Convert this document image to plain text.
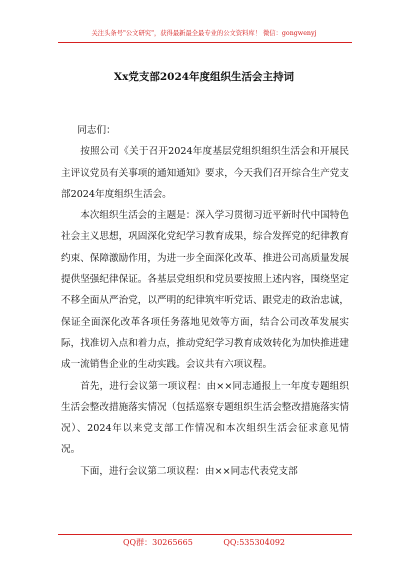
关注头条号"公文研究"，获得最新最全最专业的公文资料库！ 微信：gongwenyj
Xx党支部2024年度组织生活会主持词

同志们：

按照公司《关于召开2024年度基层党组织组织生活会和开展民主评议党员有关事项的通知通知》要求，今天我们召开综合生产党支部2024年度组织生活会。

本次组织生活会的主题是：深入学习贯彻习近平新时代中国特色社会主义思想，巩固深化党纪学习教育成果，综合发挥党的纪律教育约束、保障激励作用，为进一步全面深化改革、推进公司高质量发展提供坚强纪律保证。各基层党组织和党员要按照上述内容，围绕坚定不移全面从严治党，以严明的纪律筑牢听党话、跟党走的政治忠诚，保证全面深化改革各项任务落地见效等方面，结合公司改革发展实际，找准切入点和着力点，推动党纪学习教育成效转化为加快推进建成一流销售企业的生动实践。会议共有六项议程。

首先，进行会议第一项议程：由××同志通报上一年度专题组织生活会整改措施落实情况（包括巡察专题组织生活会整改措施落实情况）、2024年以来党支部工作情况和本次组织生活会征求意见情况。

下面，进行会议第二项议程：由××同志代表党支部

QQ群：30265665	QQ:535304092
